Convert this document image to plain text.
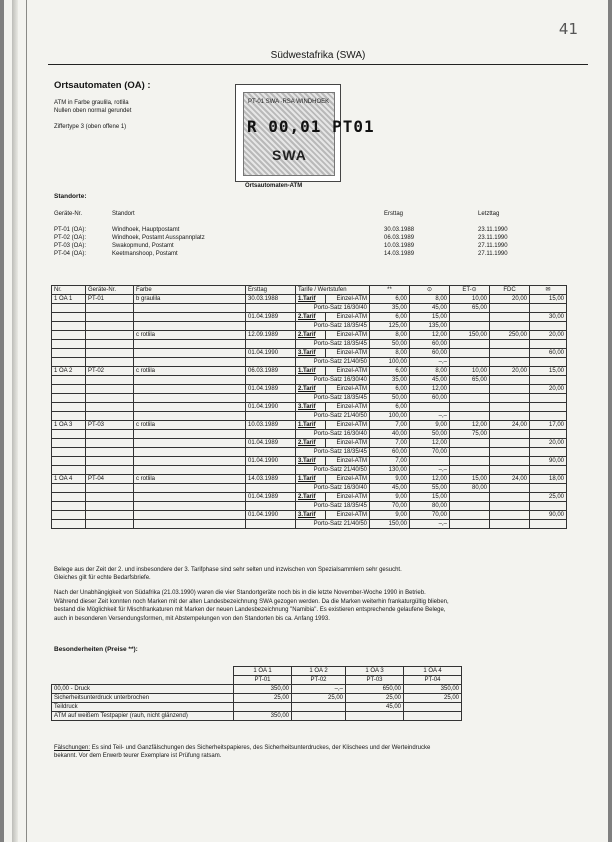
41
Südwestafrika (SWA)
Ortsautomaten (OA) :
ATM in Farbe graulila, rotlila
Nullen oben normal gerundet

Ziffertype 3 (oben offene 1)
PT-01 SWA ·RSA WINDHOEK
R 00,01 PT01
SWA
Ortsautomaten-ATM
Standorte:
Geräte-Nr.	Standort	Ersttag	Letzttag
PT-01 (OA):	Windhoek, Hauptpostamt	30.03.1988	23.11.1990
PT-02 (OA):	Windhoek, Postamt Ausspannplatz	06.03.1989	23.11.1990
PT-03 (OA):	Swakopmund, Postamt	10.03.1989	27.11.1990
PT-04 (OA):	Keetmanshoop, Postamt	14.03.1989	27.11.1990
Nr.	Geräte-Nr.	Farbe	Ersttag	Tarife / Wertstufen		**	⊙	ET-⊙	FDC	✉
1 OA 1	PT-01	b graulila	30.03.1988	1.Tarif	Einzel-ATM	6,00	8,00	10,00	20,00	15,00
				Porto-Satz 16/30/40		35,00	45,00	65,00		
			01.04.1989	2.Tarif	Einzel-ATM	6,00	15,00			30,00
				Porto-Satz 18/35/45		125,00	135,00			
		c rotlila	12.09.1989	2.Tarif	Einzel-ATM	8,00	12,00	150,00	250,00	20,00
				Porto-Satz 18/35/45		50,00	60,00			
			01.04.1990	3.Tarif	Einzel-ATM	8,00	60,00			60,00
				Porto-Satz 21/40/50		100,00	–,–			
1 OA 2	PT-02	c rotlila	06.03.1989	1.Tarif	Einzel-ATM	6,00	8,00	10,00	20,00	15,00
				Porto-Satz 16/30/40		35,00	45,00	65,00		
			01.04.1989	2.Tarif	Einzel-ATM	6,00	12,00			20,00
				Porto-Satz 18/35/45		50,00	60,00			
			01.04.1990	3.Tarif	Einzel-ATM	6,00				
				Porto-Satz 21/40/50		100,00	–,–			
1 OA 3	PT-03	c rotlila	10.03.1989	1.Tarif	Einzel-ATM	7,00	9,00	12,00	24,00	17,00
				Porto-Satz 16/30/40		40,00	50,00	75,00		
			01.04.1989	2.Tarif	Einzel-ATM	7,00	12,00			20,00
				Porto-Satz 18/35/45		60,00	70,00			
			01.04.1990	3.Tarif	Einzel-ATM	7,00				90,00
				Porto-Satz 21/40/50		130,00	–,–			
1 OA 4	PT-04	c rotlila	14.03.1989	1.Tarif	Einzel-ATM	9,00	12,00	15,00	24,00	18,00
				Porto-Satz 16/30/40		45,00	55,00	80,00		
			01.04.1989	2.Tarif	Einzel-ATM	9,00	15,00			25,00
				Porto-Satz 18/35/45		70,00	80,00			
			01.04.1990	3.Tarif	Einzel-ATM	9,00	70,00			90,00
				Porto-Satz 21/40/50		150,00	–,–			
Belege aus der Zeit der 2. und insbesondere der 3. Tarifphase sind sehr selten und inzwischen von Spezialsammlern sehr gesucht.
Gleiches gilt für echte Bedarfsbriefe.
Nach der Unabhängigkeit von Südafrika (21.03.1990) waren die vier Standortgeräte noch bis in die letzte November-Woche 1990 in Betrieb.
Während dieser Zeit konnten noch Marken mit der alten Landesbezeichnung SWA gezogen werden. Da die Marken weiterhin frankaturgültig blieben,
bestand die Möglichkeit für Mischfrankaturen mit Marken der neuen Landesbezeichnung "Namibia". Es existieren entsprechende gelaufene Belege,
auch in besonderen Versendungsformen, mit Abstempelungen von den Standorten bis ca. Anfang 1993.
Besonderheiten (Preise **):
	1 OA 1	1 OA 2	1 OA 3	1 OA 4
	PT-01	PT-02	PT-03	PT-04
00,00 - Druck	350,00	–,–	650,00	350,00
Sicherheitsunterdruck unterbrochen	25,00	25,00	25,00	25,00
Teildruck			45,00	
ATM auf weißem Testpapier (rauh, nicht glänzend)	350,00			
Fälschungen: Es sind Teil- und Ganzfälschungen des Sicherheitspapieres, des Sicherheitsunterdruckes, der Klischees und der Werteindrucke
bekannt. Vor dem Erwerb teurer Exemplare ist Prüfung ratsam.
